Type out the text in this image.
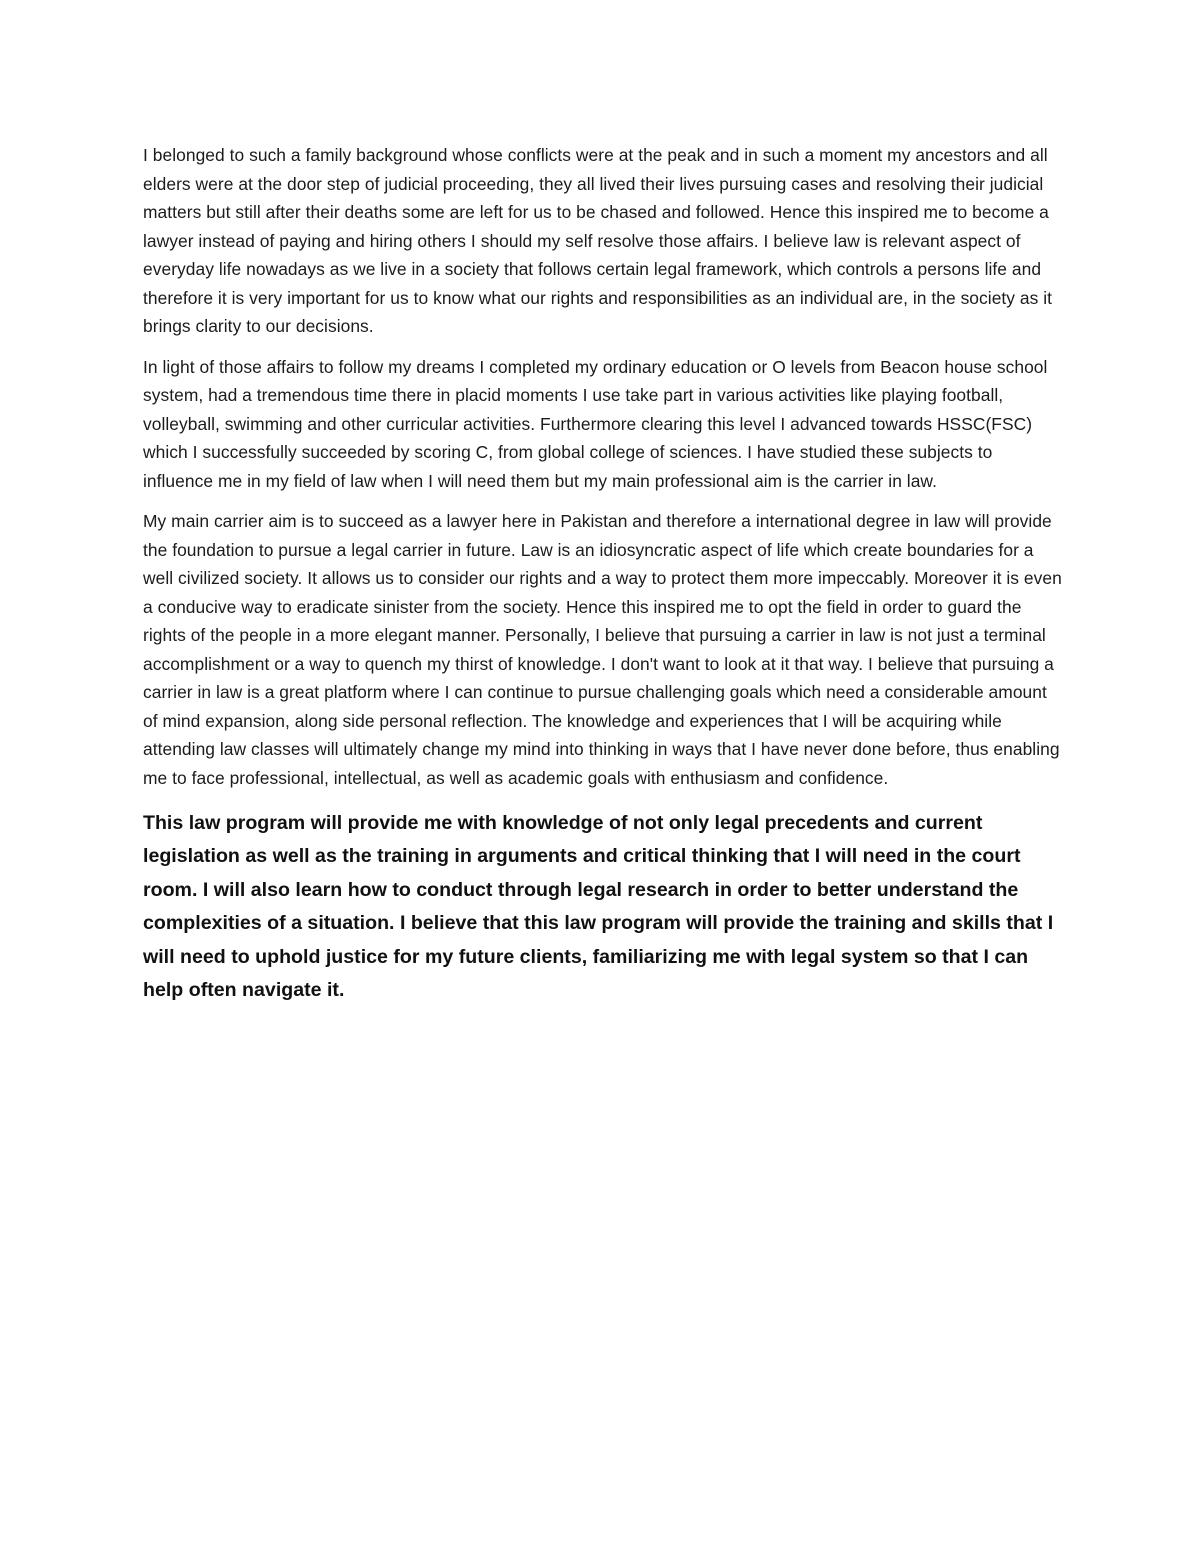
I belonged to such a family background whose conflicts were at the peak and in such a moment my ancestors and all elders were at the door step of judicial proceeding, they all lived their lives pursuing cases and resolving their judicial matters but still after their deaths some are left for us to be chased and followed. Hence this inspired me to become a lawyer instead of paying and hiring others I should my self resolve those affairs. I believe law is relevant aspect of everyday life nowadays as we live in a society that follows certain legal framework, which controls a persons life and therefore it is very important for us to know what our rights and responsibilities as an individual are, in the society as it brings clarity to our decisions.

In light of those affairs to follow my dreams I completed my ordinary education or O levels from Beacon house school system, had a tremendous time there in placid moments I use take part in various activities like playing football, volleyball, swimming and other curricular activities. Furthermore clearing this level I advanced towards HSSC(FSC) which I successfully succeeded by scoring C, from global college of sciences. I have studied these subjects to influence me in my field of law when I will need them but my main professional aim is the carrier in law.

My main carrier aim is to succeed as a lawyer here in Pakistan and therefore a international degree in law will provide the foundation to pursue a legal carrier in future. Law is an idiosyncratic aspect of life which create boundaries for a well civilized society. It allows us to consider our rights and a way to protect them more impeccably. Moreover it is even a conducive way to eradicate sinister from the society. Hence this inspired me to opt the field in order to guard the rights of the people in a more elegant manner. Personally, I believe that pursuing a carrier in law is not just a terminal accomplishment or a way to quench my thirst of knowledge. I don't want to look at it that way. I believe that pursuing a carrier in law is a great platform where I can continue to pursue challenging goals which need a considerable amount of mind expansion, along side personal reflection. The knowledge and experiences that I will be acquiring while attending law classes will ultimately change my mind into thinking in ways that I have never done before, thus enabling me to face professional, intellectual, as well as academic goals with enthusiasm and confidence.

This law program will provide me with knowledge of not only legal precedents and current legislation as well as the training in arguments and critical thinking that I will need in the court room. I will also learn how to conduct through legal research in order to better understand the complexities of a situation. I believe that this law program will provide the training and skills that I will need to uphold justice for my future clients, familiarizing me with legal system so that I can help often navigate it.
